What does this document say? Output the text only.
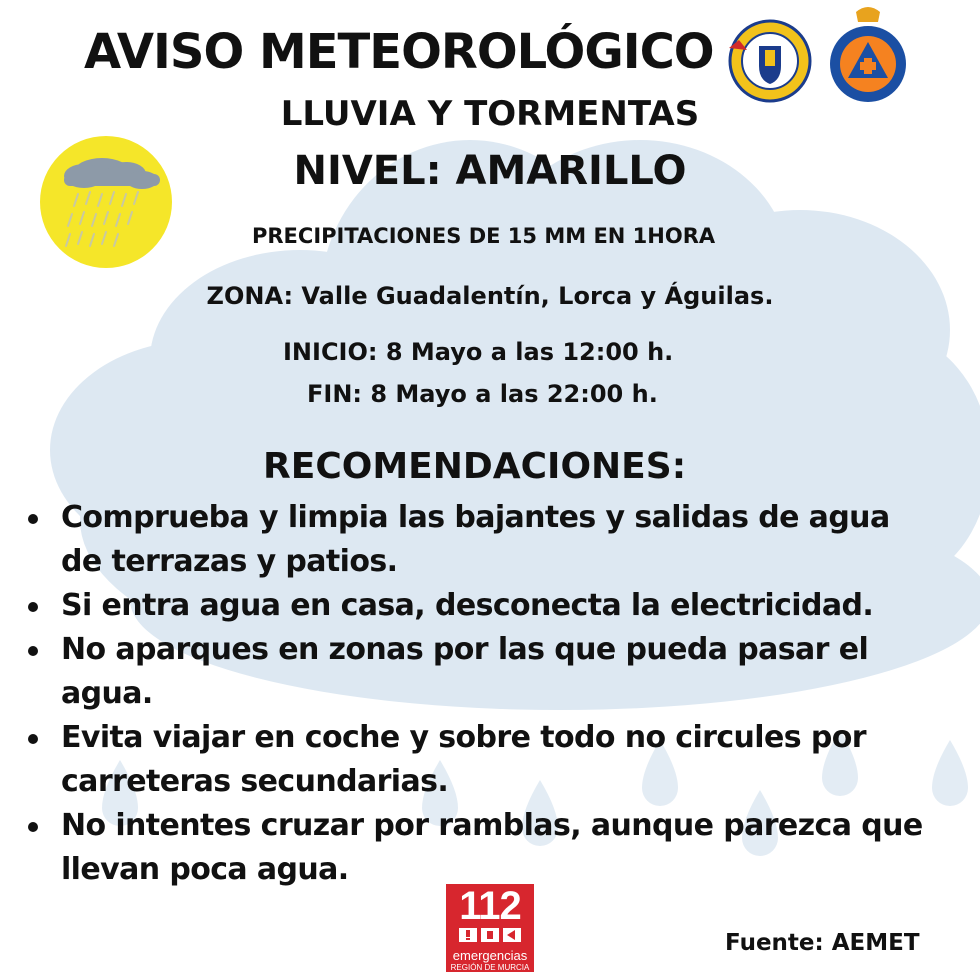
AVISO METEOROLÓGICO
LLUVIA Y TORMENTAS
NIVEL: AMARILLO
PRECIPITACIONES DE 15 MM EN 1HORA
ZONA: Valle Guadalentín, Lorca y Águilas.
INICIO: 8 Mayo a las 12:00 h.
FIN: 8 Mayo a las 22:00 h.
RECOMENDACIONES:
Comprueba y limpia las bajantes y salidas de agua
de terrazas y patios.
Si entra agua en casa, desconecta la electricidad.
No aparques en zonas por las que pueda pasar el
agua.
Evita viajar en coche y sobre todo no circules por
carreteras secundarias.
No intentes cruzar por ramblas, aunque parezca que
llevan poca agua.
112
emergencias
REGIÓN DE MURCIA
Fuente: AEMET
